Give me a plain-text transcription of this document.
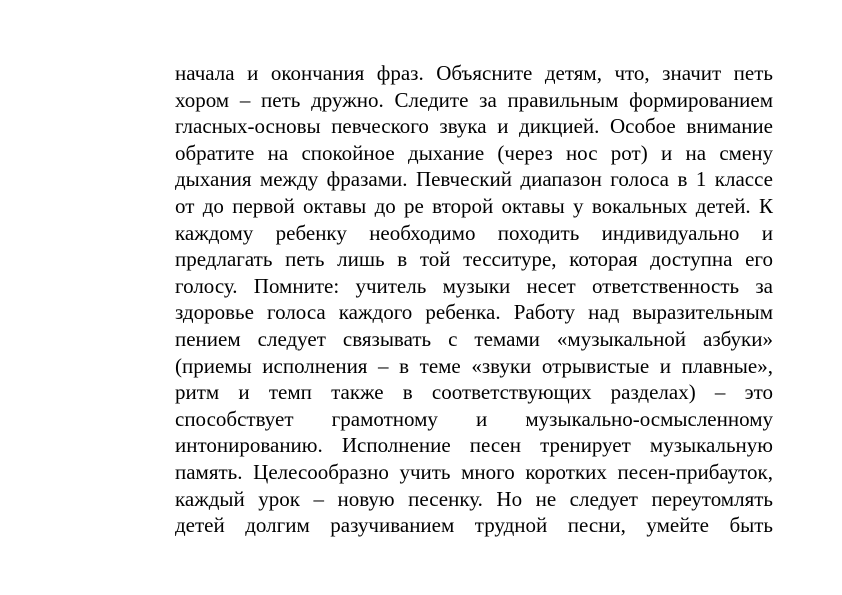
начала и окончания фраз. Объясните детям, что, значит петь
хором – петь дружно. Следите за правильным формированием
гласных-основы певческого звука и дикцией. Особое внимание
обратите на спокойное дыхание (через нос рот) и на смену
дыхания между фразами. Певческий диапазон голоса в 1 классе
от до первой октавы до ре второй октавы у вокальных детей. К
каждому ребенку необходимо походить индивидуально и
предлагать петь лишь в той тесситуре, которая доступна его
голосу. Помните: учитель музыки несет ответственность за
здоровье голоса каждого ребенка. Работу над выразительным
пением следует связывать с темами «музыкальной азбуки»
(приемы исполнения – в теме «звуки отрывистые и плавные»,
ритм и темп также в соответствующих разделах) – это
способствует грамотному и музыкально-осмысленному
интонированию. Исполнение песен тренирует музыкальную
память. Целесообразно учить много коротких песен-прибауток,
каждый урок – новую песенку. Но не следует переутомлять
детей долгим разучиванием трудной песни, умейте быть
